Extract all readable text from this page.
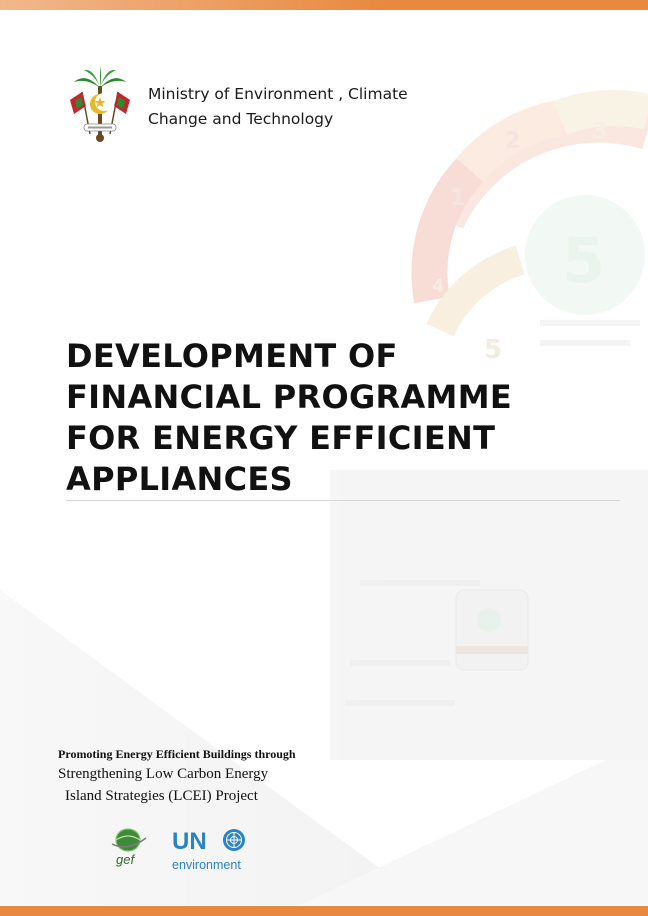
5
2	3
1
4
5
Ministry of Environment , Climate
Change and Technology
DEVELOPMENT OF
FINANCIAL PROGRAMME
FOR ENERGY EFFICIENT
APPLIANCES
Promoting Energy Efficient Buildings through
Strengthening Low Carbon Energy
Island Strategies (LCEI) Project
gef
UN
environment
